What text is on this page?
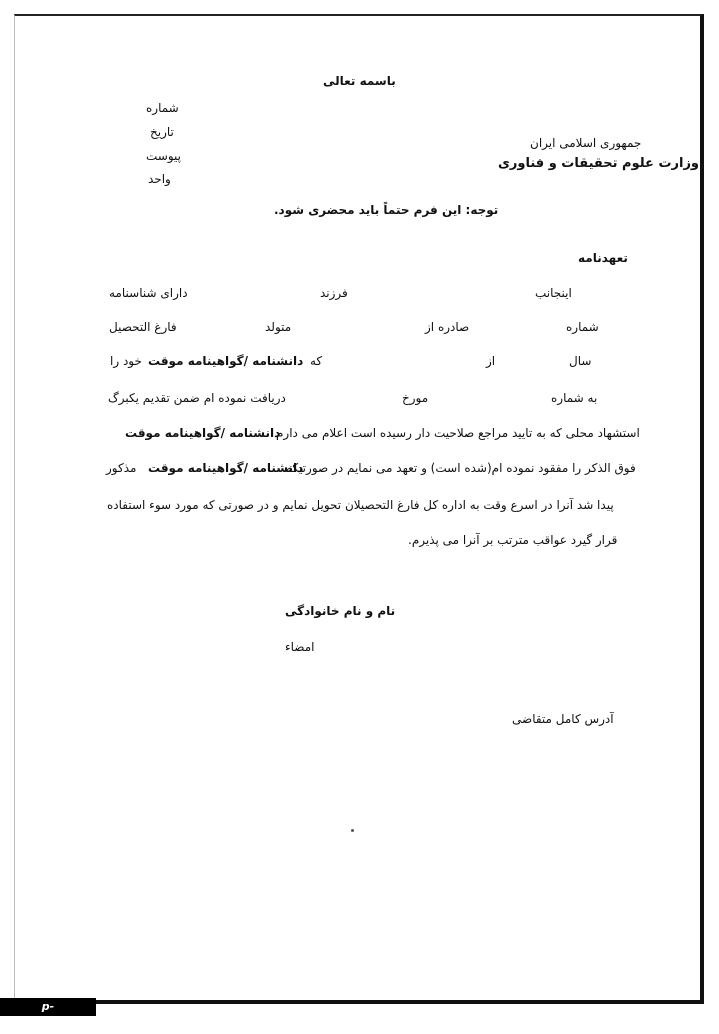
باسمه تعالی
شماره
تاریخ
پیوست
واحد
جمهوری اسلامی ایران
وزارت علوم تحقیقات و فناوری
توجه: این فرم حتماً باید محضری شود.
تعهدنامه
اینجانب
فرزند
دارای شناسنامه
شماره
صادره از
متولد
فارغ التحصیل
سال
از
که
دانشنامه /گواهینامه موقت
خود را
به شماره
مورخ
دریافت نموده ام ضمن تقدیم یکبرگ
استشهاد محلی که به تایید مراجع صلاحیت دار رسیده است اعلام می دارم
دانشنامه /گواهینامه موقت
فوق الذکر را مفقود نموده ام(شده است) و تعهد می نمایم در صورتیکه
دانشنامه /گواهینامه موقت
مذکور
پیدا شد آنرا در اسرع وقت به اداره کل فارغ التحصیلان تحویل نمایم و در صورتی که مورد سوء استفاده
قرار گیرد عواقب مترتب بر آنرا می پذیرم.
نام و نام خانوادگی
امضاء
آدرس کامل متقاضی
p-ahar.nus.ac.ir
